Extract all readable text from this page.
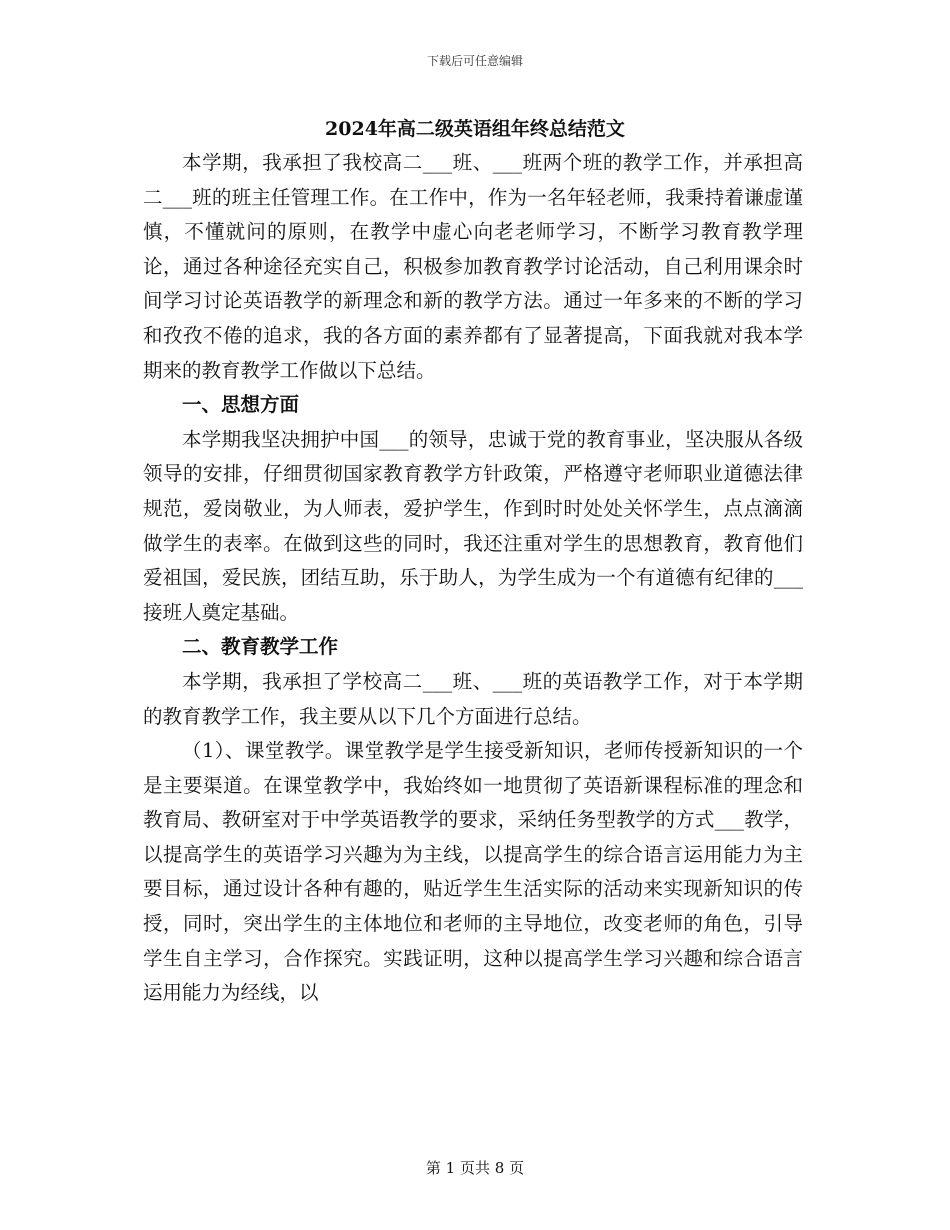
下载后可任意编辑
2024年高二级英语组年终总结范文

本学期，我承担了我校高二___班、___班两个班的教学工作，并承担高二___班的班主任管理工作。在工作中，作为一名年轻老师，我秉持着谦虚谨慎，不懂就问的原则，在教学中虚心向老老师学习，不断学习教育教学理论，通过各种途径充实自己，积极参加教育教学讨论活动，自己利用课余时间学习讨论英语教学的新理念和新的教学方法。通过一年多来的不断的学习和孜孜不倦的追求，我的各方面的素养都有了显著提高，下面我就对我本学期来的教育教学工作做以下总结。

一、思想方面

本学期我坚决拥护中国___的领导，忠诚于党的教育事业，坚决服从各级领导的安排，仔细贯彻国家教育教学方针政策，严格遵守老师职业道德法律规范，爱岗敬业，为人师表，爱护学生，作到时时处处关怀学生，点点滴滴做学生的表率。在做到这些的同时，我还注重对学生的思想教育，教育他们爱祖国，爱民族，团结互助，乐于助人，为学生成为一个有道德有纪律的___接班人奠定基础。

二、教育教学工作

本学期，我承担了学校高二___班、___班的英语教学工作，对于本学期的教育教学工作，我主要从以下几个方面进行总结。

（1）、课堂教学。课堂教学是学生接受新知识，老师传授新知识的一个是主要渠道。在课堂教学中，我始终如一地贯彻了英语新课程标准的理念和教育局、教研室对于中学英语教学的要求，采纳任务型教学的方式___教学，以提高学生的英语学习兴趣为为主线，以提高学生的综合语言运用能力为主要目标，通过设计各种有趣的，贴近学生生活实际的活动来实现新知识的传授，同时，突出学生的主体地位和老师的主导地位，改变老师的角色，引导学生自主学习，合作探究。实践证明，这种以提高学生学习兴趣和综合语言运用能力为经线，以

第 1 页共 8 页
